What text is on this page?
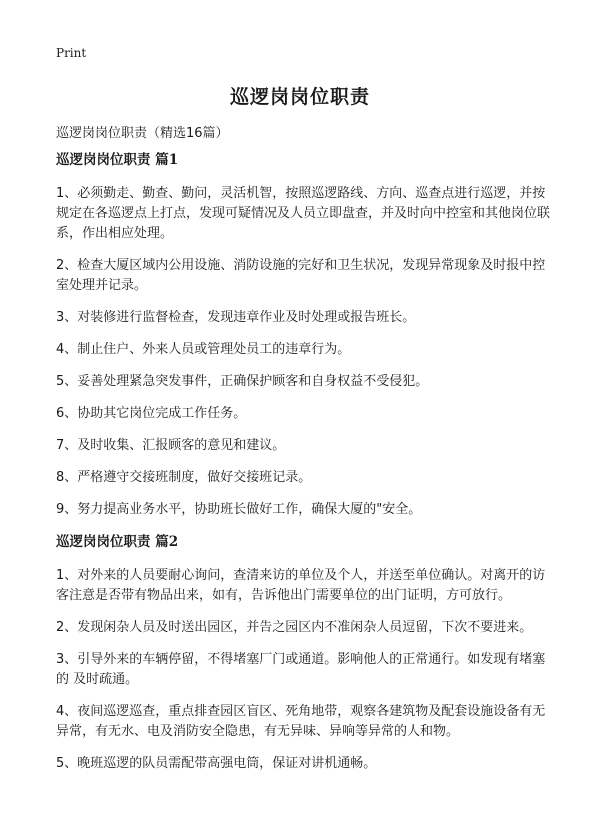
Print
巡逻岗岗位职责
巡逻岗岗位职责（精选16篇）
巡逻岗岗位职责 篇1

1、必须勤走、勤查、勤问，灵活机智，按照巡逻路线、方向、巡查点进行巡逻，并按规定在各巡逻点上打点，发现可疑情况及人员立即盘查，并及时向中控室和其他岗位联系，作出相应处理。

2、检查大厦区域内公用设施、消防设施的完好和卫生状况，发现异常现象及时报中控室处理并记录。

3、对装修进行监督检查，发现违章作业及时处理或报告班长。

4、制止住户、外来人员或管理处员工的违章行为。

5、妥善处理紧急突发事件，正确保护顾客和自身权益不受侵犯。

6、协助其它岗位完成工作任务。

7、及时收集、汇报顾客的意见和建议。

8、严格遵守交接班制度，做好交接班记录。

9、努力提高业务水平，协助班长做好工作，确保大厦的"安全。

巡逻岗岗位职责 篇2

1、对外来的人员要耐心询问，查清来访的单位及个人，并送至单位确认。对离开的访客注意是否带有物品出来，如有，告诉他出门需要单位的出门证明，方可放行。

2、发现闲杂人员及时送出园区，并告之园区内不准闲杂人员逗留，下次不要进来。

3、引导外来的车辆停留，不得堵塞厂门或通道。影响他人的正常通行。如发现有堵塞的 及时疏通。

4、夜间巡逻巡查，重点排查园区盲区、死角地带，观察各建筑物及配套设施设备有无异常，有无水、电及消防安全隐患，有无异味、异响等异常的人和物。

5、晚班巡逻的队员需配带高强电筒，保证对讲机通畅。
